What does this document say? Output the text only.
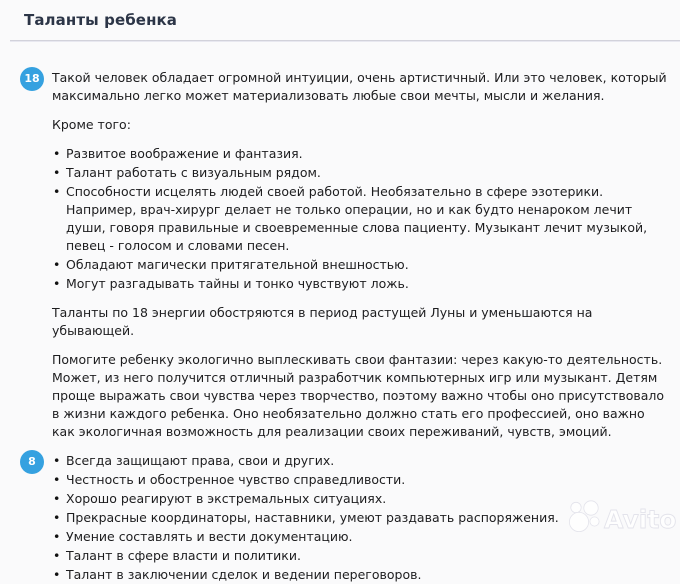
Таланты ребенка
18 Такой человек обладает огромной интуиции, очень артистичный. Или это человек, который максимально легко может материализовать любые свои мечты, мысли и желания.

Кроме того:

• Развитое воображение и фантазия.
• Талант работать с визуальным рядом.
• Способности исцелять людей своей работой. Необязательно в сфере эзотерики. Например, врач-хирург делает не только операции, но и как будто ненароком лечит души, говоря правильные и своевременные слова пациенту. Музыкант лечит музыкой, певец - голосом и словами песен.
• Обладают магически притягательной внешностью.
• Могут разгадывать тайны и тонко чувствуют ложь.

Таланты по 18 энергии обостряются в период растущей Луны и уменьшаются на убывающей.

Помогите ребенку экологично выплескивать свои фантазии: через какую-то деятельность. Может, из него получится отличный разработчик компьютерных игр или музыкант. Детям проще выражать свои чувства через творчество, поэтому важно чтобы оно присутствовало в жизни каждого ребенка. Оно необязательно должно стать его профессией, оно важно как экологичная возможность для реализации своих переживаний, чувств, эмоций.

8	• Всегда защищают права, свои и других.
• Честность и обостренное чувство справедливости.
• Хорошо реагируют в экстремальных ситуациях.
• Прекрасные координаторы, наставники, умеют раздавать распоряжения.
• Умение составлять и вести документацию.
• Талант в сфере власти и политики.
• Талант в заключении сделок и ведении переговоров.
Avito
